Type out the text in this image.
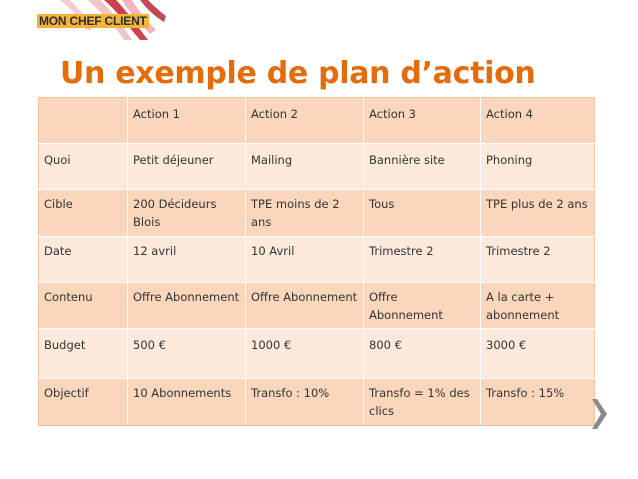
MON CHEF CLIENT
Un exemple de plan d’action
	Action 1	Action 2	Action 3	Action 4
Quoi	Petit déjeuner	Mailing	Bannière site	Phoning
Cible	200 Décideurs Blois	TPE moins de 2 ans	Tous	TPE plus de 2 ans
Date	12 avril	10 Avril	Trimestre 2	Trimestre 2
Contenu	Offre Abonnement	Offre Abonnement	Offre Abonnement	A la carte + abonnement
Budget	500 €	1000 €	800 €	3000 €
Objectif	10 Abonnements	Transfo : 10%	Transfo = 1% des clics	Transfo : 15%
